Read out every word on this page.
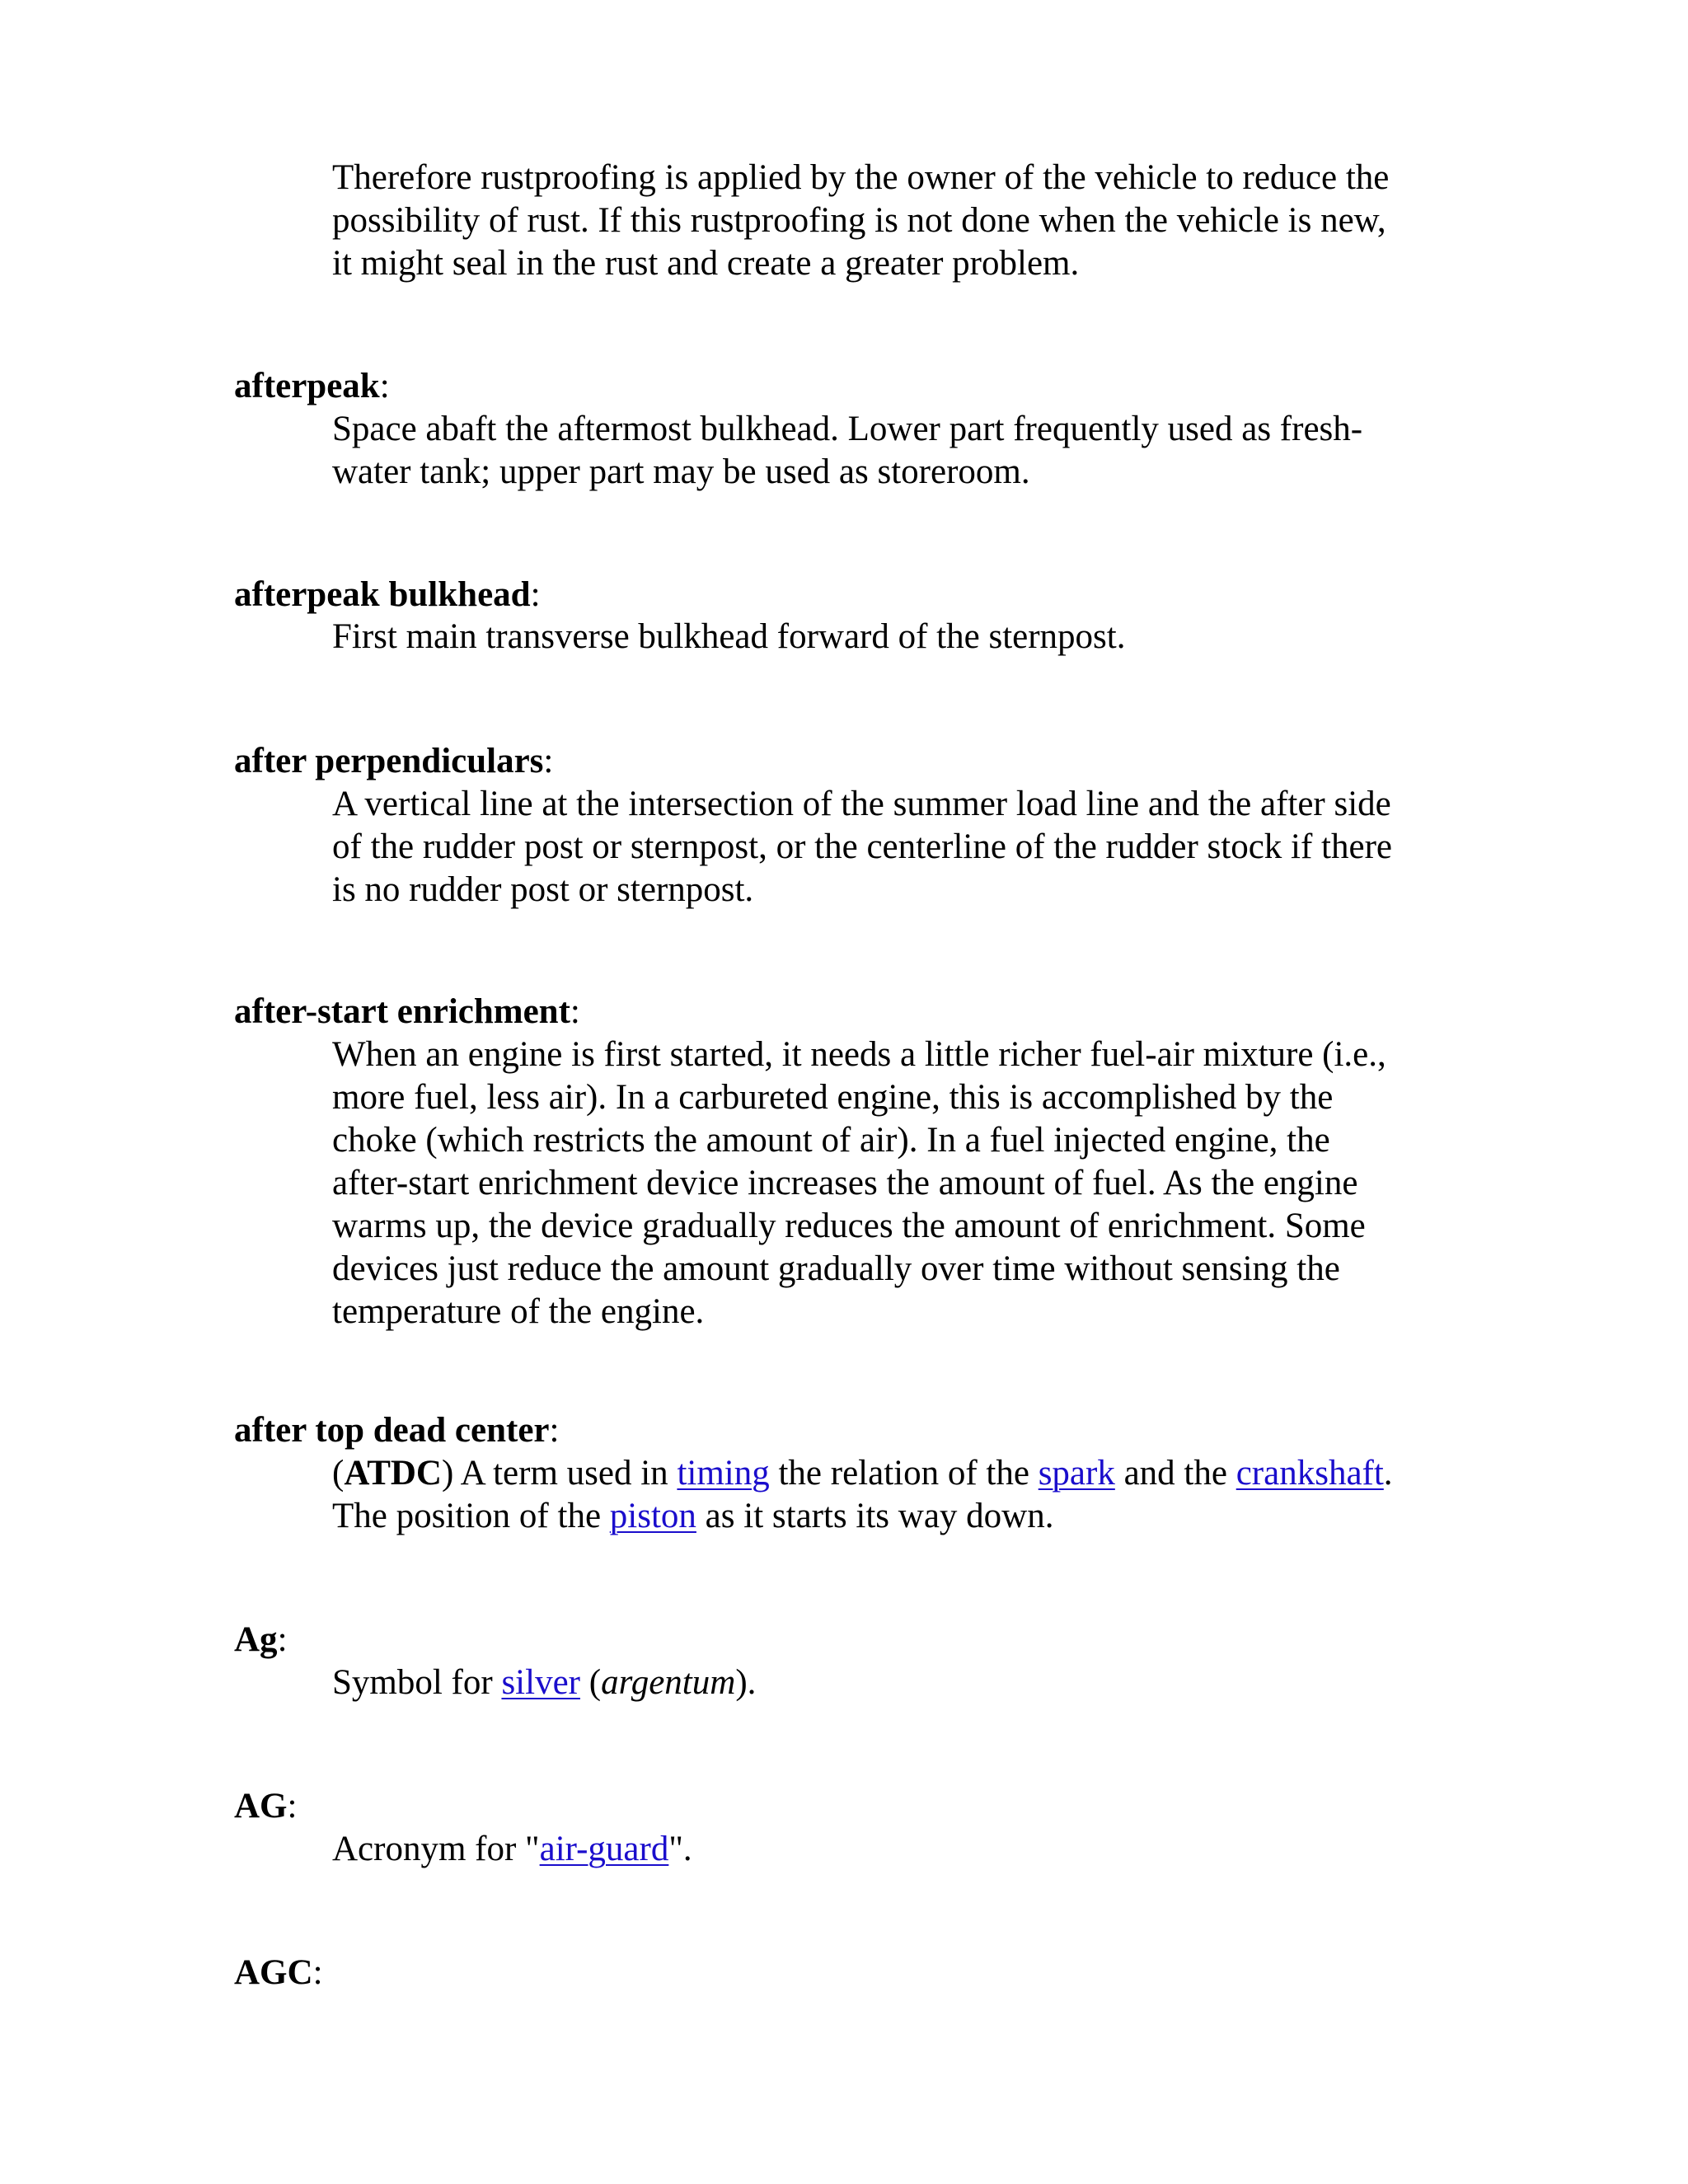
Therefore rustproofing is applied by the owner of the vehicle to reduce the

possibility of rust. If this rustproofing is not done when the vehicle is new,

it might seal in the rust and create a greater problem.

afterpeak:

Space abaft the aftermost bulkhead. Lower part frequently used as fresh-

water tank; upper part may be used as storeroom.

afterpeak bulkhead:

First main transverse bulkhead forward of the sternpost.

after perpendiculars:

A vertical line at the intersection of the summer load line and the after side

of the rudder post or sternpost, or the centerline of the rudder stock if there

is no rudder post or sternpost.

after-start enrichment:

When an engine is first started, it needs a little richer fuel-air mixture (i.e.,

more fuel, less air). In a carbureted engine, this is accomplished by the

choke (which restricts the amount of air). In a fuel injected engine, the

after-start enrichment device increases the amount of fuel. As the engine

warms up, the device gradually reduces the amount of enrichment. Some

devices just reduce the amount gradually over time without sensing the

temperature of the engine.

after top dead center:

(ATDC) A term used in timing the relation of the spark and the crankshaft.

The position of the piston as it starts its way down.

Ag:

Symbol for silver (argentum).

AG:

Acronym for "air-guard".

AGC:
